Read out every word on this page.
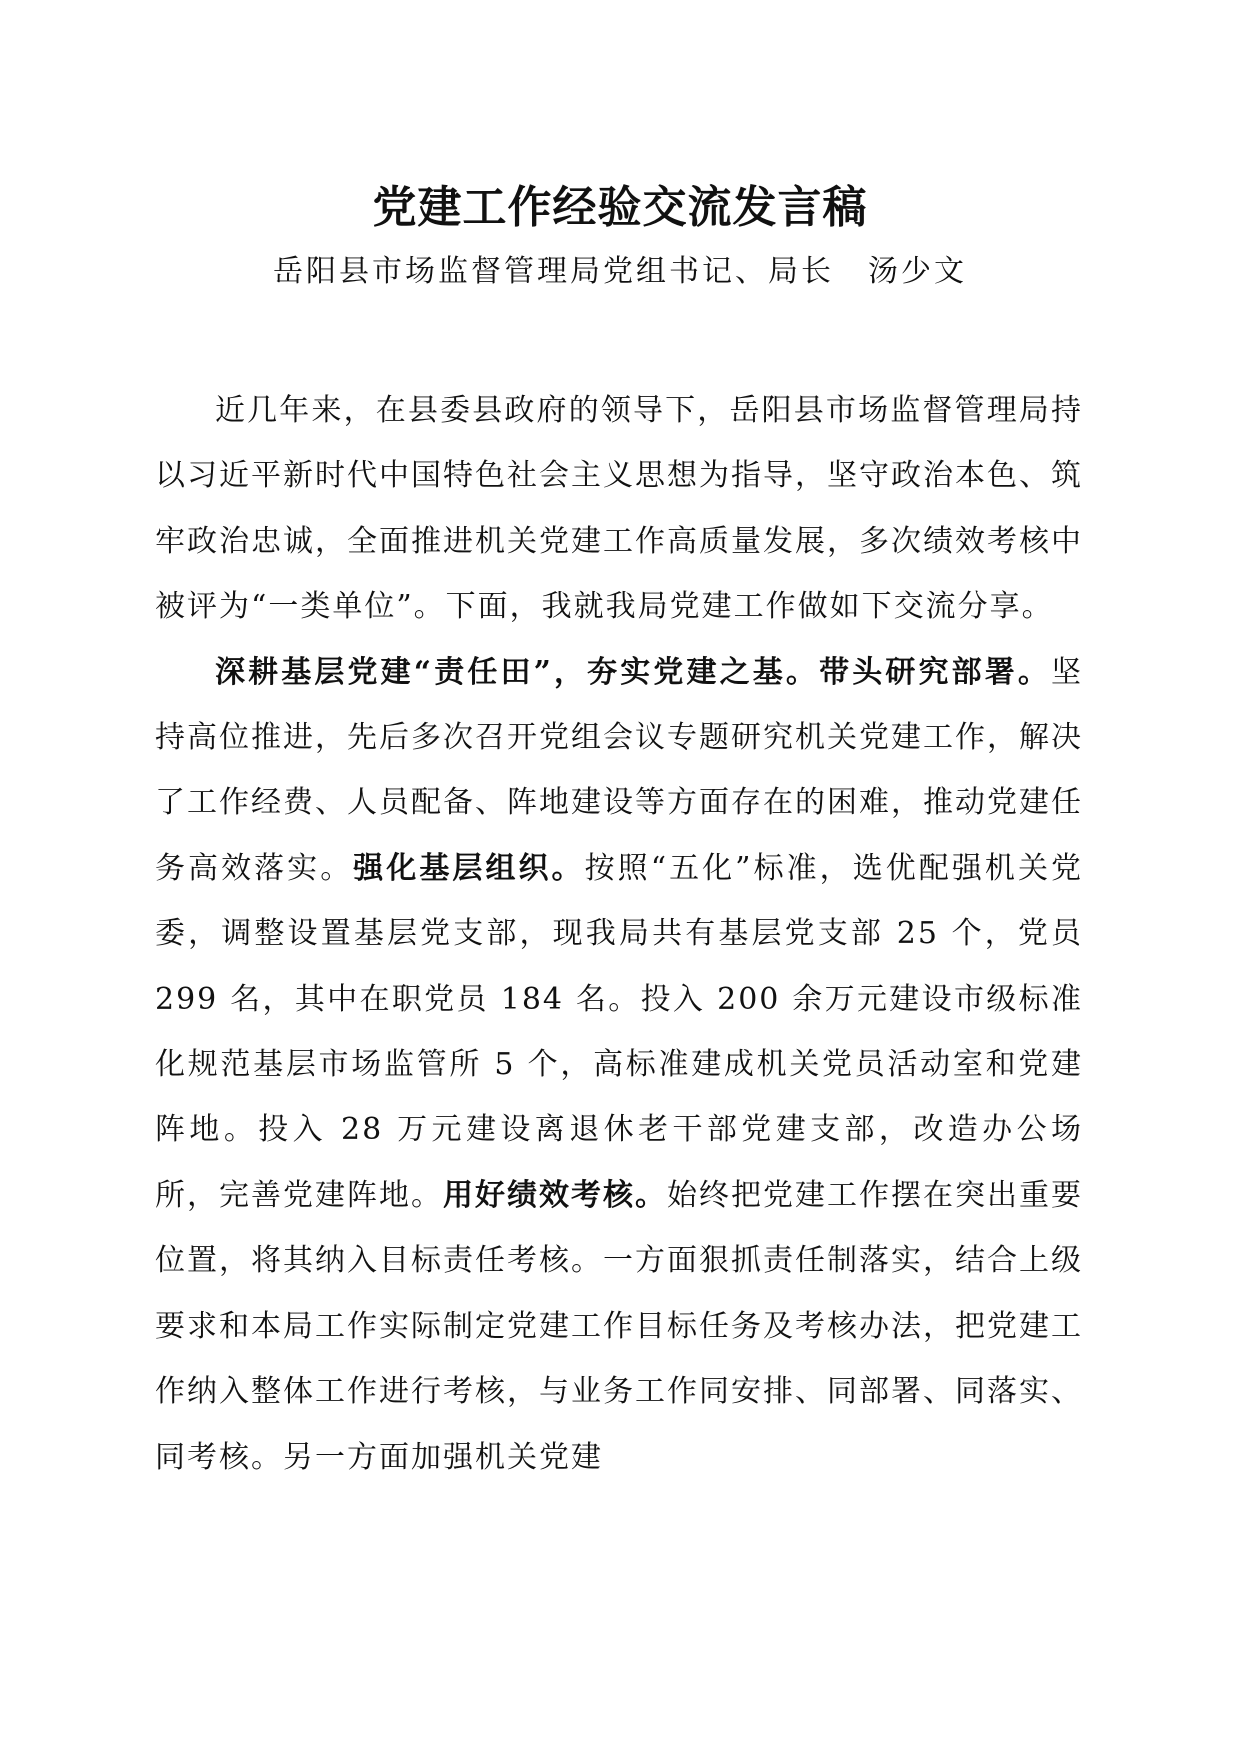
党建工作经验交流发言稿
岳阳县市场监督管理局党组书记、局长 汤少文

近几年来，在县委县政府的领导下，岳阳县市场监督管理局持以习近平新时代中国特色社会主义思想为指导，坚守政治本色、筑牢政治忠诚，全面推进机关党建工作高质量发展，多次绩效考核中被评为“一类单位”。下面，我就我局党建工作做如下交流分享。

深耕基层党建“责任田”，夯实党建之基。带头研究部署。坚持高位推进，先后多次召开党组会议专题研究机关党建工作，解决了工作经费、人员配备、阵地建设等方面存在的困难，推动党建任务高效落实。强化基层组织。按照“五化”标准，选优配强机关党委，调整设置基层党支部，现我局共有基层党支部 25 个，党员 299 名，其中在职党员 184 名。投入 200 余万元建设市级标准化规范基层市场监管所 5 个，高标准建成机关党员活动室和党建阵地。投入 28 万元建设离退休老干部党建支部，改造办公场所，完善党建阵地。用好绩效考核。始终把党建工作摆在突出重要位置，将其纳入目标责任考核。一方面狠抓责任制落实，结合上级要求和本局工作实际制定党建工作目标任务及考核办法，把党建工作纳入整体工作进行考核，与业务工作同安排、同部署、同落实、同考核。另一方面加强机关党建
